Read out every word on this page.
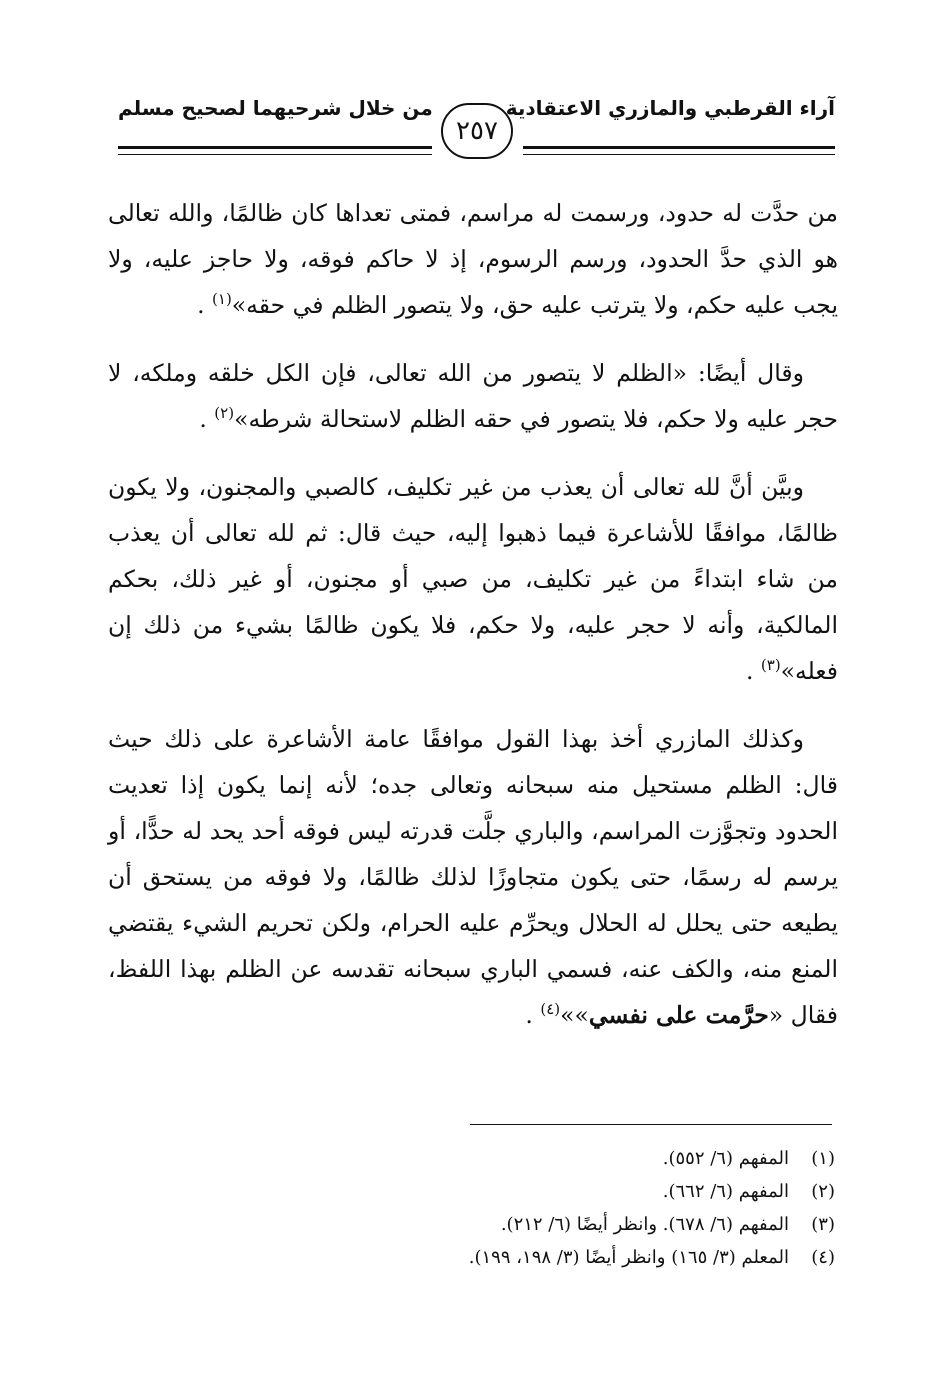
آراء القرطبي والمازري الاعتقادية
من خلال شرحيهما لصحيح مسلم
٢٥٧

من حدَّت له حدود، ورسمت له مراسم، فمتى تعداها كان ظالمًا، والله تعالى هو الذي حدَّ الحدود، ورسم الرسوم، إذ لا حاكم فوقه، ولا حاجز عليه، ولا يجب عليه حكم، ولا يترتب عليه حق، ولا يتصور الظلم في حقه»$^{(١)}$ .

وقال أيضًا: «الظلم لا يتصور من الله تعالى، فإن الكل خلقه وملكه، لا حجر عليه ولا حكم، فلا يتصور في حقه الظلم لاستحالة شرطه»$^{(٢)}$ .

وبيَّن أنَّ لله تعالى أن يعذب من غير تكليف، كالصبي والمجنون، ولا يكون ظالمًا، موافقًا للأشاعرة فيما ذهبوا إليه، حيث قال: ثم لله تعالى أن يعذب من شاء ابتداءً من غير تكليف، من صبي أو مجنون، أو غير ذلك، بحكم المالكية، وأنه لا حجر عليه، ولا حكم، فلا يكون ظالمًا بشيء من ذلك إن فعله»$^{(٣)}$ .

وكذلك المازري أخذ بهذا القول موافقًا عامة الأشاعرة على ذلك حيث قال: الظلم مستحيل منه سبحانه وتعالى جده؛ لأنه إنما يكون إذا تعديت الحدود وتجوَّزت المراسم، والباري جلَّت قدرته ليس فوقه أحد يحد له حدًّا، أو يرسم له رسمًا، حتى يكون متجاوزًا لذلك ظالمًا، ولا فوقه من يستحق أن يطيعه حتى يحلل له الحلال ويحرِّم عليه الحرام، ولكن تحريم الشيء يقتضي المنع منه، والكف عنه، فسمي الباري سبحانه تقدسه عن الظلم بهذا اللفظ، فقال «حرَّمت على نفسي»»$^{(٤)}$ .

(١)المفهم (٦/ ٥٥٢).
(٢)المفهم (٦/ ٦٦٢).
(٣)المفهم (٦/ ٦٧٨). وانظر أيضًا (٦/ ٢١٢).
(٤)المعلم (٣/ ١٦٥) وانظر أيضًا (٣/ ١٩٨، ١٩٩).
